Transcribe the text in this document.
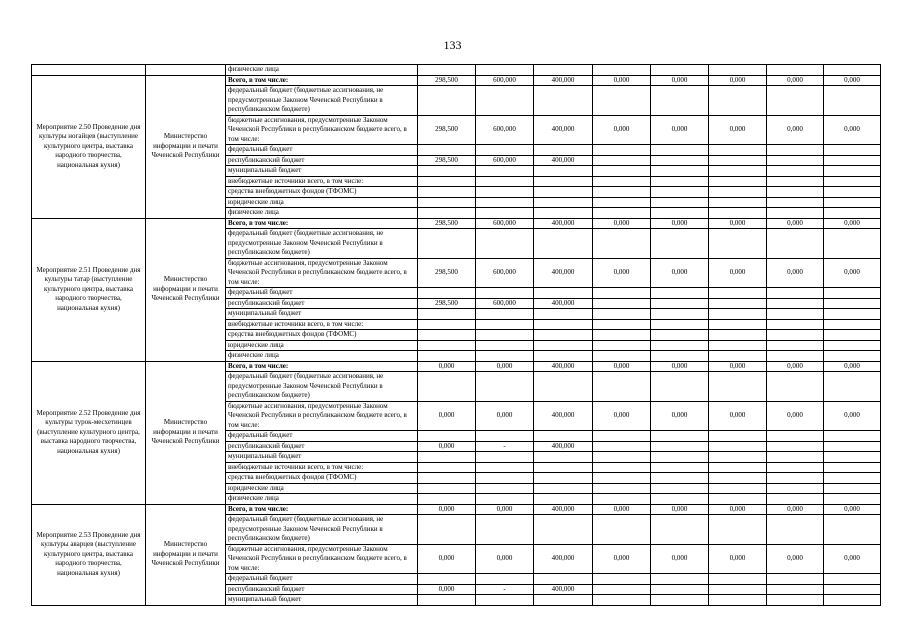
133
		физические лица								
Мероприятие 2.50 Проведение дня культуры ногайцев (выступление культурного центра, выставка народного творчества, национальная кухня)	Министерство информации и печати Чеченской Республики	Всего, в том числе:	298,500	600,000	400,000	0,000	0,000	0,000	0,000	0,000
		федеральный бюджет (бюджетные ассигнования, не предусмотренные Законом Чеченской Республики в республиканском бюджете)								
		бюджетные ассигнования, предусмотренные Законом Чеченской Республики в республиканском бюджете всего, в том числе:	298,500	600,000	400,000	0,000	0,000	0,000	0,000	0,000
		федеральный бюджет								
		республиканский бюджет	298,500	600,000	400,000					
		муниципальный бюджет								
		внебюджетные источники всего, в том числе:								
		средства внебюджетных фондов (ТФОМС)								
		юридические лица								
		физические лица								
Мероприятие 2.51 Проведение дня культуры татар (выступление культурного центра, выставка народного творчества, национальная кухня)	Министерство информации и печати Чеченской Республики	Всего, в том числе:	298,500	600,000	400,000	0,000	0,000	0,000	0,000	0,000
		федеральный бюджет (бюджетные ассигнования, не предусмотренные Законом Чеченской Республики в республиканском бюджете)								
		бюджетные ассигнования, предусмотренные Законом Чеченской Республики в республиканском бюджете всего, в том числе:	298,500	600,000	400,000	0,000	0,000	0,000	0,000	0,000
		федеральный бюджет								
		республиканский бюджет	298,500	600,000	400,000					
		муниципальный бюджет								
		внебюджетные источники всего, в том числе:								
		средства внебюджетных фондов (ТФОМС)								
		юридические лица								
		физические лица								
Мероприятие 2.52 Проведение дня культуры турок-месхетинцев (выступление культурного центра, выставка народного творчества, национальная кухня)	Министерство информации и печати Чеченской Республики	Всего, в том числе:	0,000	0,000	400,000	0,000	0,000	0,000	0,000	0,000
		федеральный бюджет (бюджетные ассигнования, не предусмотренные Законом Чеченской Республики в республиканском бюджете)								
		бюджетные ассигнования, предусмотренные Законом Чеченской Республики в республиканском бюджете всего, в том числе:	0,000	0,000	400,000	0,000	0,000	0,000	0,000	0,000
		федеральный бюджет								
		республиканский бюджет	0,000	-	400,000					
		муниципальный бюджет								
		внебюджетные источники всего, в том числе:								
		средства внебюджетных фондов (ТФОМС)								
		юридические лица								
		физические лица								
Мероприятие 2.53 Проведение дня культуры аварцев (выступление культурного центра, выставка народного творчества, национальная кухня)	Министерство информации и печати Чеченской Республики	Всего, в том числе:	0,000	0,000	400,000	0,000	0,000	0,000	0,000	0,000
		федеральный бюджет (бюджетные ассигнования, не предусмотренные Законом Чеченской Республики в республиканском бюджете)								
		бюджетные ассигнования, предусмотренные Законом Чеченской Республики в республиканском бюджете всего, в том числе:	0,000	0,000	400,000	0,000	0,000	0,000	0,000	0,000
		федеральный бюджет								
		республиканский бюджет	0,000	-	400,000					
		муниципальный бюджет								
